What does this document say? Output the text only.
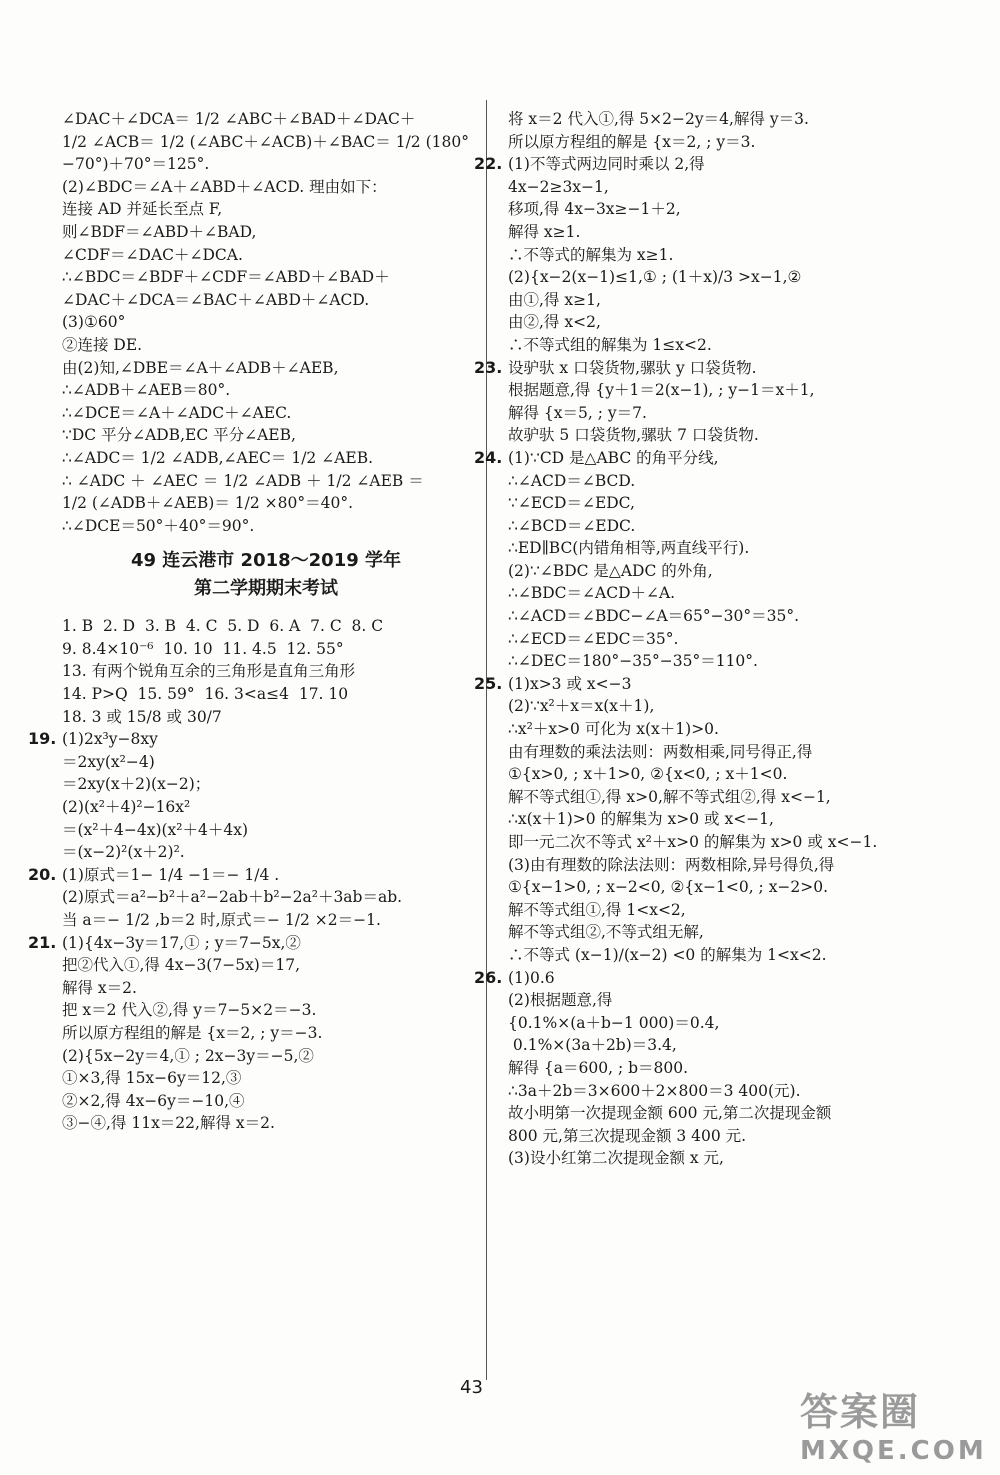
∠DAC＋∠DCA＝ 1/2 ∠ABC＋∠BAD＋∠DAC＋
1/2 ∠ACB＝ 1/2 (∠ABC＋∠ACB)＋∠BAC＝ 1/2 (180°
−70°)＋70°＝125°.
(2)∠BDC＝∠A＋∠ABD＋∠ACD. 理由如下：
连接 AD 并延长至点 F,
则∠BDF＝∠ABD＋∠BAD,
∠CDF＝∠DAC＋∠DCA.
∴∠BDC＝∠BDF＋∠CDF＝∠ABD＋∠BAD＋
∠DAC＋∠DCA＝∠BAC＋∠ABD＋∠ACD.
(3)①60°
②连接 DE.
由(2)知,∠DBE＝∠A＋∠ADB＋∠AEB,
∴∠ADB＋∠AEB＝80°.
∴∠DCE＝∠A＋∠ADC＋∠AEC.
∵DC 平分∠ADB,EC 平分∠AEB,
∴∠ADC＝ 1/2 ∠ADB,∠AEC＝ 1/2 ∠AEB.
∴ ∠ADC ＋ ∠AEC ＝ 1/2 ∠ADB ＋ 1/2 ∠AEB ＝
1/2 (∠ADB＋∠AEB)＝ 1/2 ×80°＝40°.
∴∠DCE＝50°＋40°＝90°.
49 连云港市 2018～2019 学年
第二学期期末考试
1. B  2. D  3. B  4. C  5. D  6. A  7. C  8. C
9. 8.4×10⁻⁶  10. 10  11. 4.5  12. 55°
13. 有两个锐角互余的三角形是直角三角形
14. P>Q  15. 59°  16. 3<a≤4  17. 10
18. 3 或 15/8 或 30/7
19. (1)2x³y−8xy
＝2xy(x²−4)
＝2xy(x＋2)(x−2)；
(2)(x²＋4)²−16x²
＝(x²＋4−4x)(x²＋4＋4x)
＝(x−2)²(x＋2)².
20. (1)原式＝1− 1/4 −1＝− 1/4 .
(2)原式＝a²−b²＋a²−2ab＋b²−2a²＋3ab＝ab.
当 a＝− 1/2 ,b＝2 时,原式＝− 1/2 ×2＝−1.
21. (1){4x−3y＝17,① ; y＝7−5x,②
把②代入①,得 4x−3(7−5x)＝17,
解得 x＝2.
把 x＝2 代入②,得 y＝7−5×2＝−3.
所以原方程组的解是 {x＝2, ; y＝−3.
(2){5x−2y＝4,① ; 2x−3y＝−5,②
①×3,得 15x−6y＝12,③
②×2,得 4x−6y＝−10,④
③−④,得 11x＝22,解得 x＝2.
将 x＝2 代入①,得 5×2−2y＝4,解得 y＝3.
所以原方程组的解是 {x＝2, ; y＝3.
22. (1)不等式两边同时乘以 2,得
4x−2≥3x−1,
移项,得 4x−3x≥−1＋2,
解得 x≥1.
∴不等式的解集为 x≥1.
(2){x−2(x−1)≤1,① ; (1＋x)/3 >x−1,②
由①,得 x≥1,
由②,得 x<2,
∴不等式组的解集为 1≤x<2.
23. 设驴驮 x 口袋货物,骡驮 y 口袋货物.
根据题意,得 {y＋1＝2(x−1), ; y−1＝x＋1,
解得 {x＝5, ; y＝7.
故驴驮 5 口袋货物,骡驮 7 口袋货物.
24. (1)∵CD 是△ABC 的角平分线,
∴∠ACD＝∠BCD.
∵∠ECD＝∠EDC,
∴∠BCD＝∠EDC.
∴ED∥BC(内错角相等,两直线平行).
(2)∵∠BDC 是△ADC 的外角,
∴∠BDC＝∠ACD＋∠A.
∴∠ACD＝∠BDC−∠A＝65°−30°＝35°.
∴∠ECD＝∠EDC＝35°.
∴∠DEC＝180°−35°−35°＝110°.
25. (1)x>3 或 x<−3
(2)∵x²＋x＝x(x＋1),
∴x²＋x>0 可化为 x(x＋1)>0.
由有理数的乘法法则：两数相乘,同号得正,得
①{x>0, ; x＋1>0, ②{x<0, ; x＋1<0.
解不等式组①,得 x>0,解不等式组②,得 x<−1,
∴x(x＋1)>0 的解集为 x>0 或 x<−1,
即一元二次不等式 x²＋x>0 的解集为 x>0 或 x<−1.
(3)由有理数的除法法则：两数相除,异号得负,得
①{x−1>0, ; x−2<0, ②{x−1<0, ; x−2>0.
解不等式组①,得 1<x<2,
解不等式组②,不等式组无解,
∴不等式 (x−1)/(x−2) <0 的解集为 1<x<2.
26. (1)0.6
(2)根据题意,得
{0.1%×(a＋b−1 000)＝0.4,
0.1%×(3a＋2b)＝3.4,
解得 {a＝600, ; b＝800.
∴3a＋2b＝3×600＋2×800＝3 400(元).
故小明第一次提现金额 600 元,第二次提现金额
800 元,第三次提现金额 3 400 元.
(3)设小红第二次提现金额 x 元,
43
答案圈
MXQE.COM
